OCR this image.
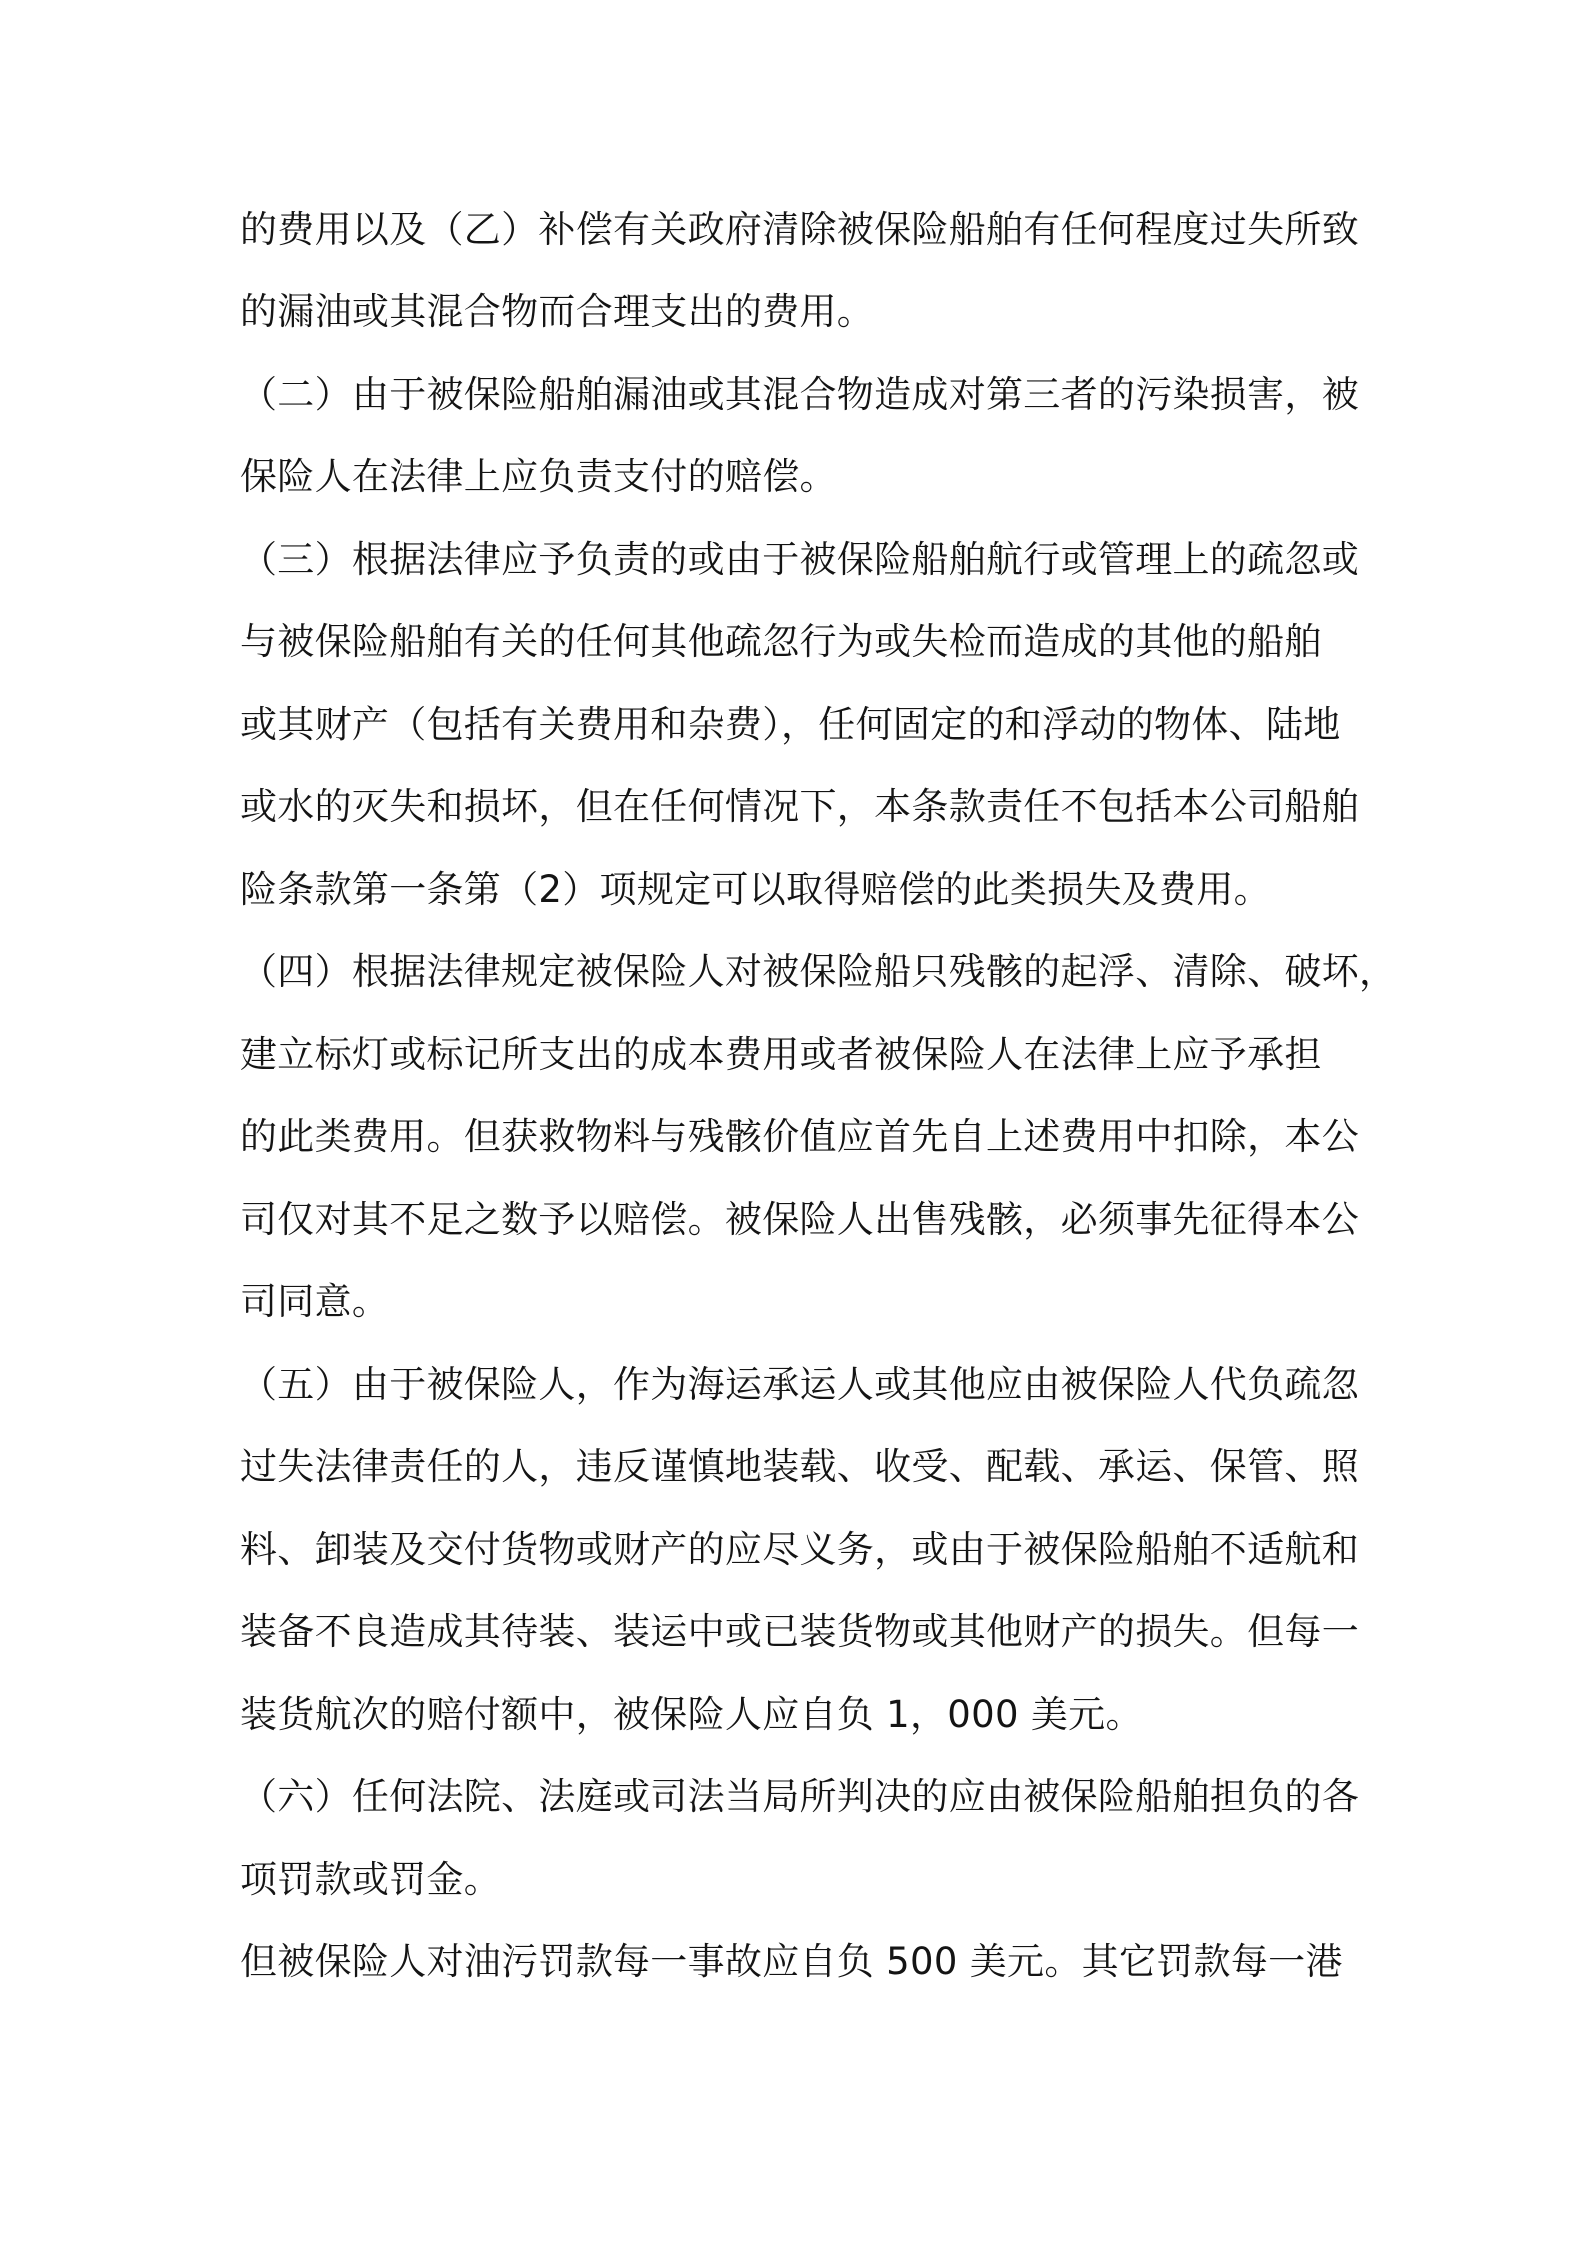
的费用以及（乙）补偿有关政府清除被保险船舶有任何程度过失所致

的漏油或其混合物而合理支出的费用。

（二）由于被保险船舶漏油或其混合物造成对第三者的污染损害，被

保险人在法律上应负责支付的赔偿。

（三）根据法律应予负责的或由于被保险船舶航行或管理上的疏忽或

与被保险船舶有关的任何其他疏忽行为或失检而造成的其他的船舶

或其财产（包括有关费用和杂费），任何固定的和浮动的物体、陆地

或水的灭失和损坏，但在任何情况下，本条款责任不包括本公司船舶

险条款第一条第（2）项规定可以取得赔偿的此类损失及费用。

（四）根据法律规定被保险人对被保险船只残骸的起浮、清除、破坏，

建立标灯或标记所支出的成本费用或者被保险人在法律上应予承担

的此类费用。但获救物料与残骸价值应首先自上述费用中扣除，本公

司仅对其不足之数予以赔偿。被保险人出售残骸，必须事先征得本公

司同意。

（五）由于被保险人，作为海运承运人或其他应由被保险人代负疏忽

过失法律责任的人，违反谨慎地装载、收受、配载、承运、保管、照

料、卸装及交付货物或财产的应尽义务，或由于被保险船舶不适航和

装备不良造成其待装、装运中或已装货物或其他财产的损失。但每一

装货航次的赔付额中，被保险人应自负 1，000 美元。

（六）任何法院、法庭或司法当局所判决的应由被保险船舶担负的各

项罚款或罚金。

但被保险人对油污罚款每一事故应自负 500 美元。其它罚款每一港
